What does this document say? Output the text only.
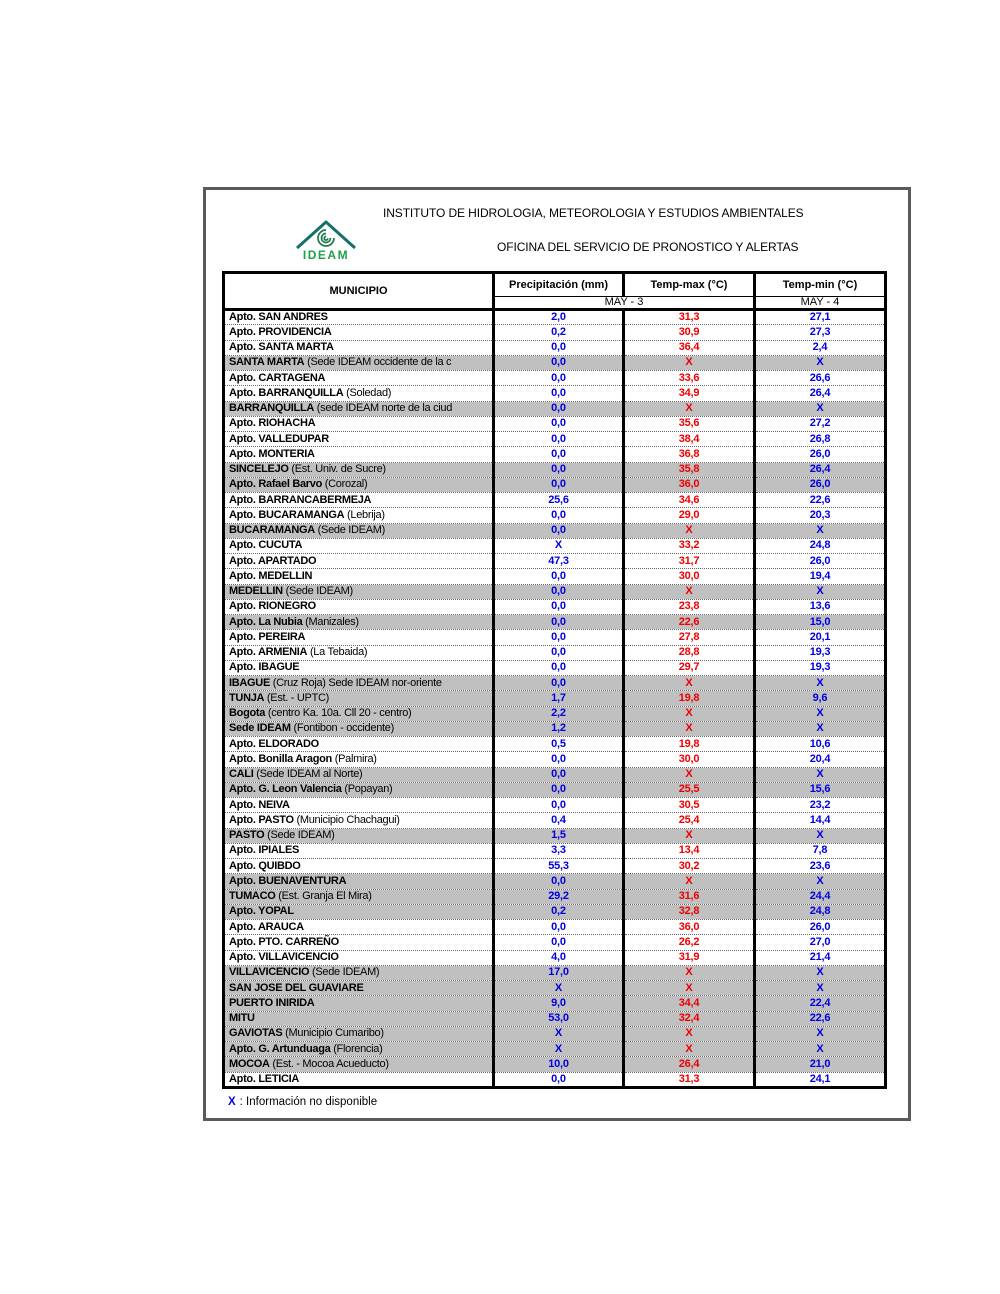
INSTITUTO DE HIDROLOGIA, METEOROLOGIA Y ESTUDIOS AMBIENTALES
IDEAM
OFICINA DEL SERVICIO DE PRONOSTICO Y ALERTAS
MUNICIPIO	Precipitación (mm)	Temp-max (°C)	Temp-min (°C)
	MAY - 3		MAY - 4
Apto. SAN ANDRES	2,0	31,3	27,1
Apto. PROVIDENCIA	0,2	30,9	27,3
Apto. SANTA MARTA	0,0	36,4	2,4
SANTA MARTA (Sede IDEAM occidente de la c	0,0	X	X
Apto. CARTAGENA	0,0	33,6	26,6
Apto. BARRANQUILLA (Soledad)	0,0	34,9	26,4
BARRANQUILLA (sede IDEAM norte de la ciud	0,0	X	X
Apto. RIOHACHA	0,0	35,6	27,2
Apto. VALLEDUPAR	0,0	38,4	26,8
Apto. MONTERIA	0,0	36,8	26,0
SINCELEJO (Est. Univ. de Sucre)	0,0	35,8	26,4
Apto. Rafael Barvo (Corozal)	0,0	36,0	26,0
Apto. BARRANCABERMEJA	25,6	34,6	22,6
Apto. BUCARAMANGA (Lebrija)	0,0	29,0	20,3
BUCARAMANGA (Sede IDEAM)	0,0	X	X
Apto. CUCUTA	X	33,2	24,8
Apto. APARTADO	47,3	31,7	26,0
Apto. MEDELLIN	0,0	30,0	19,4
MEDELLIN (Sede IDEAM)	0,0	X	X
Apto. RIONEGRO	0,0	23,8	13,6
Apto. La Nubia (Manizales)	0,0	22,6	15,0
Apto. PEREIRA	0,0	27,8	20,1
Apto. ARMENIA (La Tebaida)	0,0	28,8	19,3
Apto. IBAGUE	0,0	29,7	19,3
IBAGUE (Cruz Roja) Sede IDEAM nor-oriente	0,0	X	X
TUNJA (Est. - UPTC)	1,7	19,8	9,6
Bogota (centro Ka. 10a. Cll 20 - centro)	2,2	X	X
Sede IDEAM (Fontibon - occidente)	1,2	X	X
Apto. ELDORADO	0,5	19,8	10,6
Apto. Bonilla Aragon (Palmira)	0,0	30,0	20,4
CALI (Sede IDEAM al Norte)	0,0	X	X
Apto. G. Leon Valencia (Popayan)	0,0	25,5	15,6
Apto. NEIVA	0,0	30,5	23,2
Apto. PASTO (Municipio Chachagui)	0,4	25,4	14,4
PASTO (Sede IDEAM)	1,5	X	X
Apto. IPIALES	3,3	13,4	7,8
Apto. QUIBDO	55,3	30,2	23,6
Apto. BUENAVENTURA	0,0	X	X
TUMACO (Est. Granja El Mira)	29,2	31,6	24,4
Apto. YOPAL	0,2	32,8	24,8
Apto. ARAUCA	0,0	36,0	26,0
Apto. PTO. CARREÑO	0,0	26,2	27,0
Apto. VILLAVICENCIO	4,0	31,9	21,4
VILLAVICENCIO (Sede IDEAM)	17,0	X	X
SAN JOSE DEL GUAVIARE	X	X	X
PUERTO INIRIDA	9,0	34,4	22,4
MITU	53,0	32,4	22,6
GAVIOTAS (Municipio Cumaribo)	X	X	X
Apto. G. Artunduaga (Florencia)	X	X	X
MOCOA (Est. - Mocoa Acueducto)	10,0	26,4	21,0
Apto. LETICIA	0,0	31,3	24,1
X : Información no disponible
